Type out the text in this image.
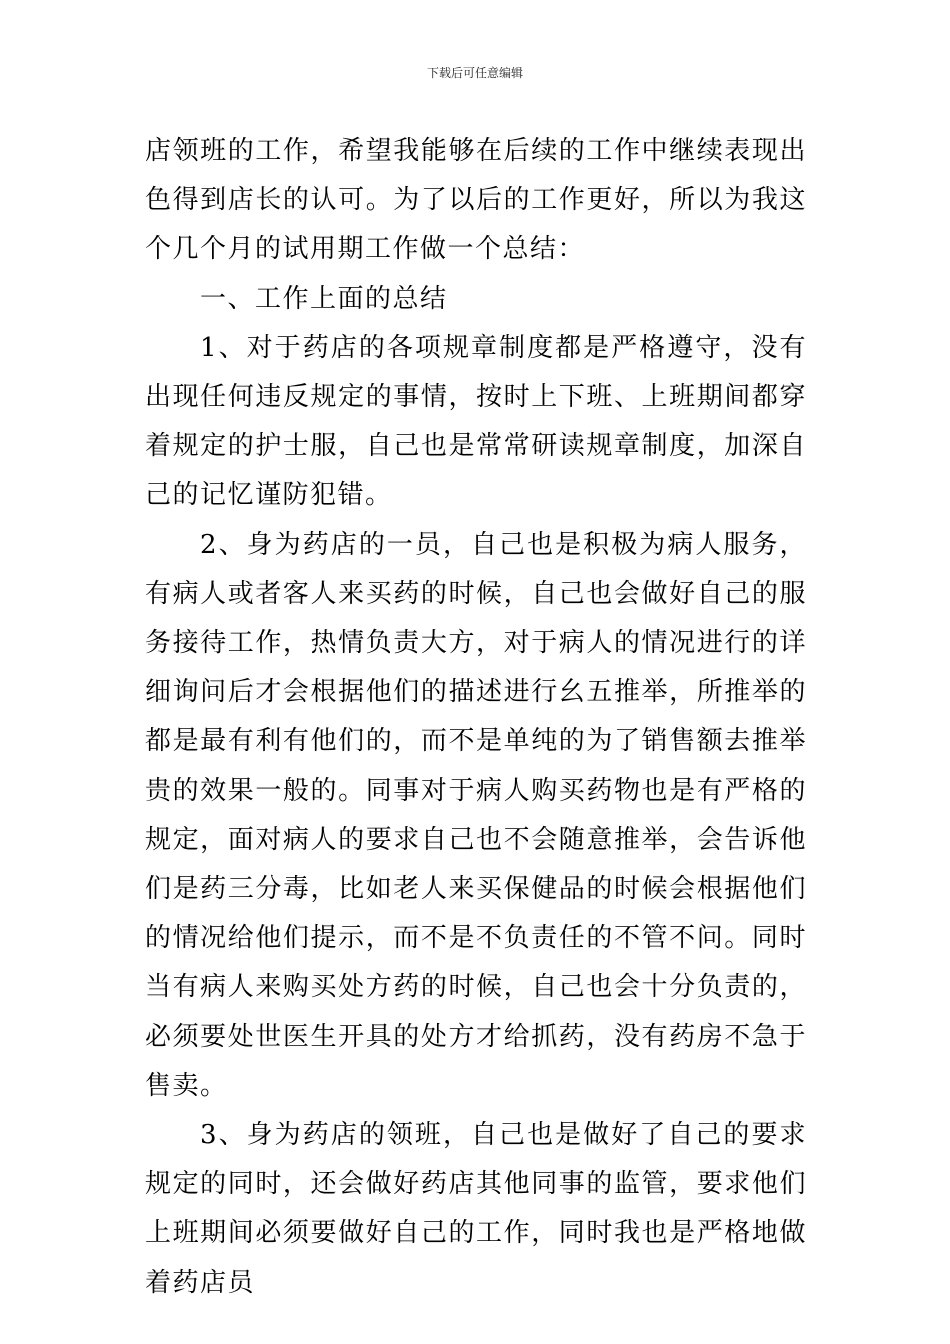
下载后可任意编辑

店领班的工作，希望我能够在后续的工作中继续表现出色得到店长的认可。为了以后的工作更好，所以为我这个几个月的试用期工作做一个总结：

一、工作上面的总结

1、对于药店的各项规章制度都是严格遵守，没有出现任何违反规定的事情，按时上下班、上班期间都穿着规定的护士服，自己也是常常研读规章制度，加深自己的记忆谨防犯错。

2、身为药店的一员，自己也是积极为病人服务，有病人或者客人来买药的时候，自己也会做好自己的服务接待工作，热情负责大方，对于病人的情况进行的详细询问后才会根据他们的描述进行幺五推举，所推举的都是最有利有他们的，而不是单纯的为了销售额去推举贵的效果一般的。同事对于病人购买药物也是有严格的规定，面对病人的要求自己也不会随意推举，会告诉他们是药三分毒，比如老人来买保健品的时候会根据他们的情况给他们提示，而不是不负责任的不管不问。同时当有病人来购买处方药的时候，自己也会十分负责的，必须要处世医生开具的处方才给抓药，没有药房不急于售卖。

3、身为药店的领班，自己也是做好了自己的要求规定的同时，还会做好药店其他同事的监管，要求他们上班期间必须要做好自己的工作，同时我也是严格地做着药店员
